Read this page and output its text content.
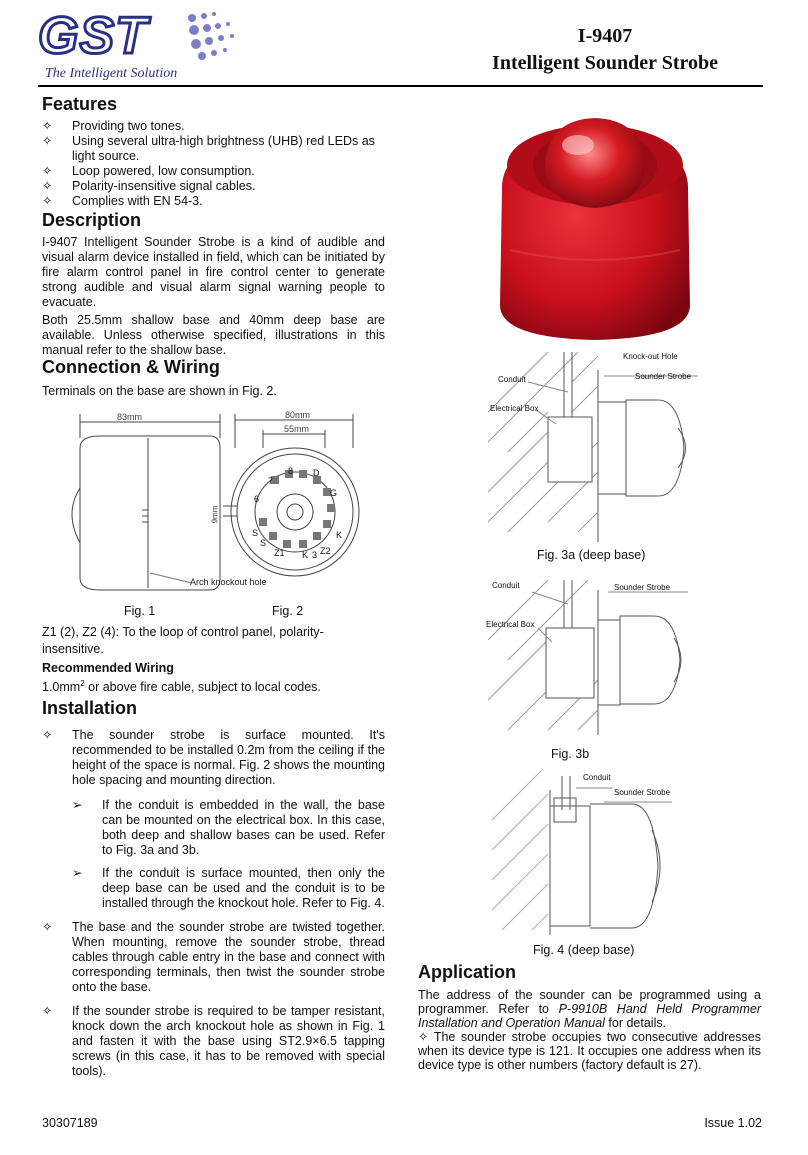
GST
The Intelligent Solution
I-9407
Intelligent Sounder Strobe
Features
✧ Providing two tones.
✧ Using several ultra-high brightness (UHB) red LEDs as light source.
✧ Loop powered, low consumption.
✧ Polarity-insensitive signal cables.
✧ Complies with EN 54-3.
Description

I-9407 Intelligent Sounder Strobe is a kind of audible and visual alarm device installed in field, which can be initiated by fire alarm control panel in fire control center to generate strong audible and visual alarm signal warning people to evacuate.

Both 25.5mm shallow base and 40mm deep base are available. Unless otherwise specified, illustrations in this manual refer to the shallow base.

Connection & Wiring

Terminals on the base are shown in Fig. 2.

83mm
Arch knockout hole
80mm
55mm
9mm
D
G
K
Z2
3
K
Z1
S
S
6
7
8
Fig. 1	Fig. 2

Z1 (2), Z2 (4): To the loop of control panel, polarity-insensitive.

Recommended Wiring
$1.0mm^2$ or above fire cable, subject to local codes.
Installation
✧ The sounder strobe is surface mounted. It's recommended to be installed 0.2m from the ceiling if the height of the space is normal. Fig. 2 shows the mounting hole spacing and mounting direction.
➢ If the conduit is embedded in the wall, the base can be mounted on the electrical box. In this case, both deep and shallow bases can be used. Refer to Fig. 3a and 3b.
➢ If the conduit is surface mounted, then only the deep base can be used and the conduit is to be installed through the knockout hole. Refer to Fig. 4.
✧ The base and the sounder strobe are twisted together. When mounting, remove the sounder strobe, thread cables through cable entry in the base and connect with corresponding terminals, then twist the sounder strobe onto the base.
✧ If the sounder strobe is required to be tamper resistant, knock down the arch knockout hole as shown in Fig. 1 and fasten it with the base using ST2.9×6.5 tapping screws (in this case, it has to be removed with special tools).
Knock-out Hole
Conduit	Sounder Strobe
Electrical Box
Fig. 3a (deep base)
Conduit	Sounder Strobe
Electrical Box
Fig. 3b
Conduit
Sounder Strobe
Fig. 4 (deep base)
Application

The address of the sounder can be programmed using a programmer. Refer to P-9910B Hand Held Programmer Installation and Operation Manual for details.

✧ The sounder strobe occupies two consecutive addresses when its device type is 121. It occupies one address when its device type is other numbers (factory default is 27).

30307189	Issue 1.02
